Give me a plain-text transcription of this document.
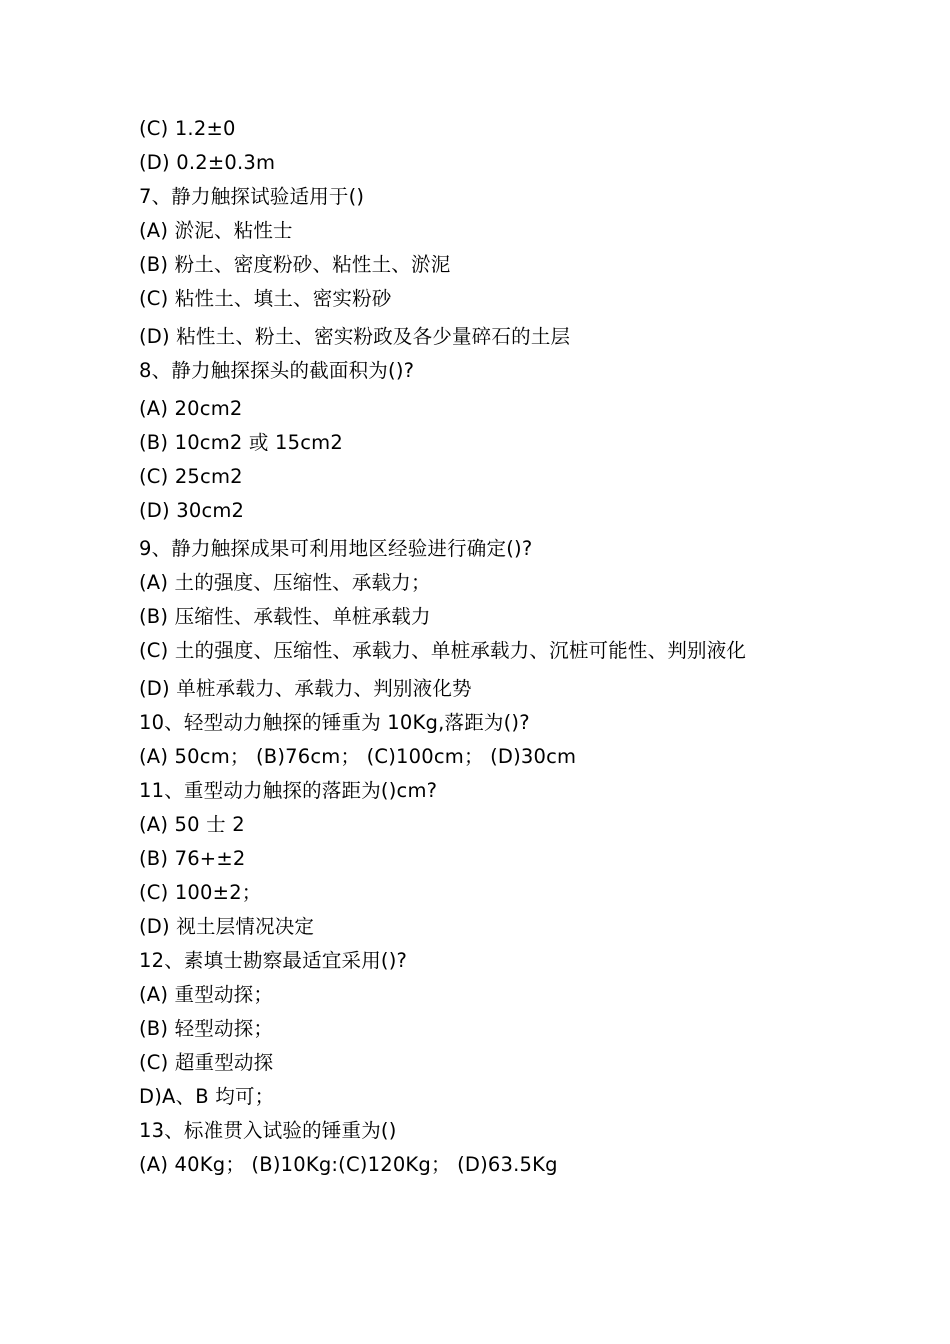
(C) 1.2±0
(D) 0.2±0.3m
7、静力触探试验适用于()
(A) 淤泥、粘性士
(B) 粉土、密度粉砂、粘性土、淤泥
(C) 粘性土、填土、密实粉砂
(D) 粘性土、粉土、密实粉政及各少量碎石的土层
8、静力触探探头的截面积为()?
(A) 20cm2
(B) 10cm2 或 15cm2
(C) 25cm2
(D) 30cm2
9、静力触探成果可利用地区经验进行确定()?
(A) 土的强度、压缩性、承载力；
(B) 压缩性、承载性、单桩承载力
(C) 土的强度、压缩性、承载力、单桩承载力、沉桩可能性、判别液化
(D) 单桩承载力、承载力、判别液化势
10、轻型动力触探的锤重为 10Kg,落距为()?
(A) 50cm； (B)76cm； (C)100cm； (D)30cm
11、重型动力触探的落距为()cm?
(A) 50 士 2
(B) 76+±2
(C) 100±2；
(D) 视土层情况决定
12、素填士勘察最适宜采用()?
(A) 重型动探；
(B) 轻型动探；
(C) 超重型动探
D)A、B 均可；
13、标准贯入试验的锤重为()
(A) 40Kg； (B)10Kg:(C)120Kg； (D)63.5Kg
